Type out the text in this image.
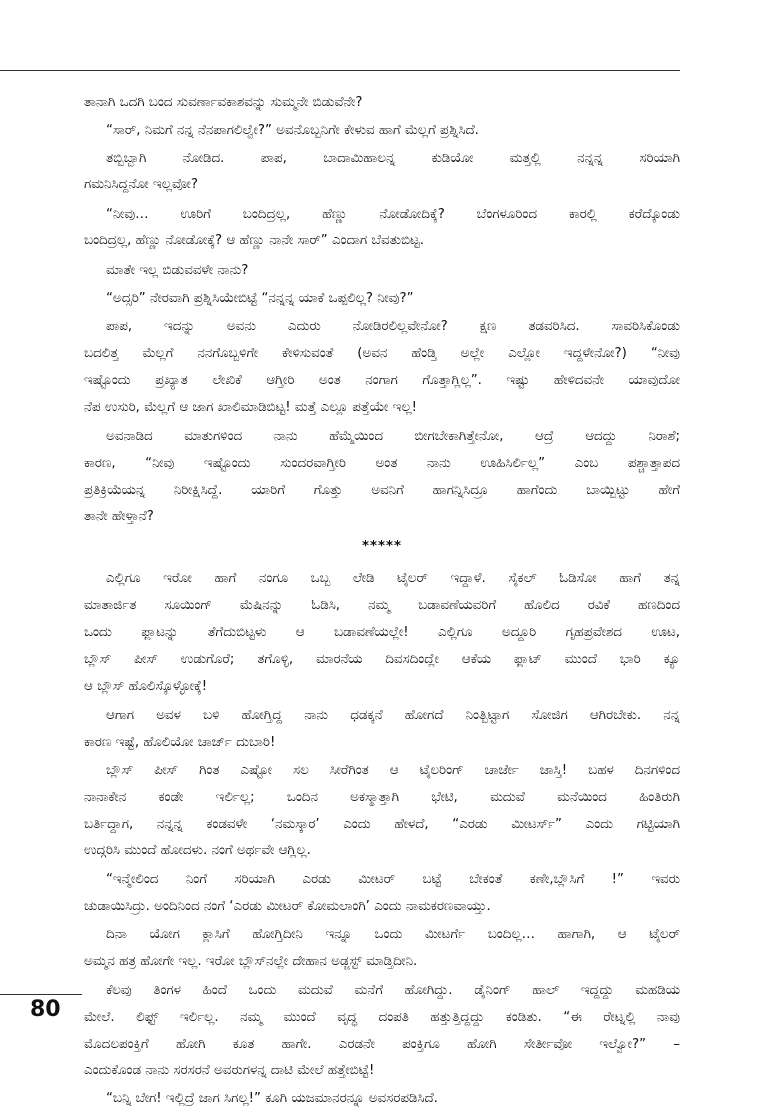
ತಾನಾಗಿ ಒದಗಿ ಬಂದ ಸುವರ್ಣಾವಕಾಶವನ್ನು ಸುಮ್ಮನೇ ಬಿಡುವೆನೇ?
“ಸಾರ್, ನಿಮಗೆ ನನ್ನ ನೆನಪಾಗಲಿಲ್ವೇ?” ಅವನೊಬ್ಬನಿಗೇ ಕೇಳುವ ಹಾಗೆ ಮೆಲ್ಲಗೆ ಪ್ರಶ್ನಿಸಿದೆ.
ತಬ್ಬಿಬ್ಬಾಗಿ ನೋಡಿದ. ಪಾಪ, ಬಾದಾಮಿಹಾಲನ್ನ ಕುಡಿಯೋ ಮತ್ತಲ್ಲಿ ನನ್ನನ್ನ ಸರಿಯಾಗಿ
ಗಮನಿಸಿದ್ದನೋ ಇಲ್ಲವೋ?
“ನೀವು… ಊರಿಗೆ ಬಂದಿದ್ರಲ್ಲ, ಹೆಣ್ಣು ನೋಡೋದಿಕ್ಕೆ? ಬೆಂಗಳೂರಿಂದ ಕಾರಲ್ಲಿ ಕರೆದ್ಕೊಂಡು
ಬಂದಿದ್ರಲ್ಲ, ಹೆಣ್ಣು ನೋಡೋಕ್ಕೆ? ಆ ಹೆಣ್ಣು ನಾನೇ ಸಾರ್” ಎಂದಾಗ ಬೆವತುಬಿಟ್ಟ.
ಮಾತೇ ಇಲ್ಲ ಬಿಡುವವಳೇ ನಾನು?
“ಅದ್ಸರಿ” ನೇರವಾಗಿ ಪ್ರಶ್ನಿಸಿಯೇಬಿಟ್ಟೆ “ನನ್ನನ್ನ ಯಾಕೆ ಒಪ್ಪಲಿಲ್ಲ? ನೀವು?”
ಪಾಪ, ಇದನ್ನು ಅವನು ಎದುರು ನೋಡಿರಲಿಲ್ಲವೇನೋ? ಕ್ಷಣ ತಡವರಿಸಿದ. ಸಾವರಿಸಿಕೊಂಡು
ಬದಲಿತ್ತ ಮೆಲ್ಲಗೆ ನನಗೊಬ್ಬಳಿಗೇ ಕೇಳಿಸುವಂತೆ (ಅವನ ಹೆಂಡ್ತಿ ಅಲ್ಲೇ ಎಲ್ಲೋ ಇದ್ದಳೇನೋ?) “ನೀವು
ಇಷ್ಟೊಂದು ಪ್ರಖ್ಯಾತ ಲೇಖಿಕೆ ಆಗ್ತೀರಿ ಅಂತ ನಂಗಾಗ ಗೊತ್ತಾಗ್ಲಿಲ್ಲ”. ಇಷ್ಟು ಹೇಳಿದವನೇ ಯಾವುದೋ
ನೆಪ ಉಸುರಿ, ಮೆಲ್ಲಗೆ ಆ ಜಾಗ ಖಾಲಿಮಾಡಿಬಿಟ್ಟ! ಮತ್ತೆ ಎಲ್ಲೂ ಪತ್ತೆಯೇ ಇಲ್ಲ!
ಅವನಾಡಿದ ಮಾತುಗಳಿಂದ ನಾನು ಹೆಮ್ಮೆಯಿಂದ ಬೀಗಬೇಕಾಗಿತ್ತೇನೋ, ಆದ್ರೆ ಆದದ್ದು ನಿರಾಶೆ;
ಕಾರಣ, “ನೀವು ಇಷ್ಟೊಂದು ಸುಂದರವಾಗ್ತೀರಿ ಅಂತ ನಾನು ಊಹಿಸಿರ್ಲಿಲ್ಲ” ಎಂಬ ಪಶ್ಚಾತ್ತಾಪದ
ಪ್ರತಿಕ್ರಿಯೆಯನ್ನ ನಿರೀಕ್ಷಿಸಿದ್ದೆ. ಯಾರಿಗೆ ಗೊತ್ತು ಅವನಿಗೆ ಹಾಗನ್ನಿಸಿದ್ರೂ ಹಾಗೆಂದು ಬಾಯ್ಬಿಟ್ಟು ಹೇಗೆ
ತಾನೇ ಹೇಳ್ತಾನೆ?
*****
ಎಲ್ಲಿಗೂ ಇರೋ ಹಾಗೆ ನಂಗೂ ಒಬ್ಬ ಲೇಡಿ ಟೈಲರ್ ಇದ್ದಾಳೆ. ಸೈಕಲ್ ಓಡಿಸೋ ಹಾಗೆ ತನ್ನ
ಮಾತಾರ್ಜಿತ ಸೂಯಿಂಗ್ ಮೆಷಿನನ್ನು ಓಡಿಸಿ, ನಮ್ಮ ಬಡಾವಣೆಯವರಿಗೆ ಹೊಲಿದ ರವಿಕೆ ಹಣದಿಂದ
ಒಂದು ಫ್ಲಾಟನ್ನು ತೆಗೆದುಬಿಟ್ಟಳು ಆ ಬಡಾವಣೆಯಲ್ಲೇ! ಎಲ್ಲಿಗೂ ಅದ್ದೂರಿ ಗೃಹಪ್ರವೇಶದ ಊಟ,
ಬ್ಲೌಸ್ ಪೀಸ್ ಉಡುಗೊರೆ; ತಗೊಳ್ಳಿ, ಮಾರನೆಯ ದಿವಸದಿಂದ್ಲೇ ಆಕೆಯ ಫ್ಲಾಟ್ ಮುಂದೆ ಭಾರಿ ಕ್ಯೂ
ಆ ಬ್ಲೌಸ್ ಹೊಲಿಸ್ಕೊಳ್ಳೋಕ್ಕೆ!
ಆಗಾಗ ಅವಳ ಬಳಿ ಹೋಗ್ತಿದ್ದ ನಾನು ಧಡಕ್ಕನೆ ಹೋಗದೆ ನಿಂತ್ಬಿಟ್ಟಾಗ ಸೋಜಿಗ ಆಗಿರಬೇಕು. ನನ್ನ
ಕಾರಣ ಇಷ್ಟೆ, ಹೊಲಿಯೋ ಚಾರ್ಜ್ ದುಬಾರಿ!
ಬ್ಲೌಸ್ ಪೀಸ್ ಗಿಂತ ಎಷ್ಟೋ ಸಲ ಸೀರೆಗಿಂತ ಆ ಟೈಲರಿಂಗ್ ಚಾರ್ಜೇ ಜಾಸ್ತಿ! ಬಹಳ ದಿನಗಳಿಂದ
ನಾನಾಕೇನ ಕಂಡೇ ಇರ್ಲಿಲ್ಲ; ಒಂದಿನ ಅಕಸ್ಮಾತ್ತಾಗಿ ಭೇಟಿ, ಮದುವೆ ಮನೆಯಿಂದ ಹಿಂತಿರುಗಿ
ಬರ್ತಿದ್ದಾಗ, ನನ್ನನ್ನ ಕಂಡವಳೇ ‘ನಮಸ್ಕಾರ’ ಎಂದು ಹೇಳದೆ, “ಎರಡು ಮೀಟರ್ಸ್” ಎಂದು ಗಟ್ಟಿಯಾಗಿ
ಉದ್ಗರಿಸಿ ಮುಂದೆ ಹೋದಳು. ನಂಗೆ ಅರ್ಥವೇ ಆಗ್ಲಿಲ್ಲ.
“ಇನ್ಮೇಲಿಂದ ನಿಂಗೆ ಸರಿಯಾಗಿ ಎರಡು ಮೀಟರ್ ಬಟ್ಟೆ ಬೇಕಂತೆ ಕಣೇ,ಬ್ಲೌಸಿಗೆ !” ಇವರು
ಚುಡಾಯಿಸಿದ್ರು. ಅಂದಿನಿಂದ ನಂಗೆ ‘ಎರಡು ಮೀಟರ್ ಕೋಮಲಾಂಗಿ’ ಎಂದು ನಾಮಕರಣವಾಯ್ತು.
ದಿನಾ ಯೋಗ ಕ್ಲಾಸಿಗೆ ಹೋಗ್ತಿದೀನಿ ಇನ್ನೂ ಒಂದು ಮೀಟರ್ಗೆ ಬಂದಿಲ್ಲ… ಹಾಗಾಗಿ, ಆ ಟೈಲರ್
ಅಮ್ಮನ ಹತ್ರ ಹೋಗೇ ಇಲ್ಲ. ಇರೋ ಬ್ಲೌಸ್‌ನಲ್ಲೇ ದೇಹಾನ ಅಡ್ಜಸ್ಟ್ ಮಾಡ್ತಿದೀನಿ.
ಕೆಲವು ತಿಂಗಳ ಹಿಂದೆ ಒಂದು ಮದುವೆ ಮನೆಗೆ ಹೋಗಿದ್ದು. ಡೈನಿಂಗ್ ಹಾಲ್ ಇದ್ದದ್ದು ಮಹಡಿಯ
ಮೇಲೆ. ಲಿಫ್ಟ್ ಇರ್ಲಿಲ್ಲ. ನಮ್ಮ ಮುಂದೆ ವೃದ್ಧ ದಂಪತಿ ಹತ್ತುತ್ತಿದ್ದದ್ದು ಕಂಡಿತು. “ಈ ರೇಟ್ನಲ್ಲಿ ನಾವು
ಮೊದಲಪಂಕ್ತಿಗೆ ಹೋಗಿ ಕೂತ ಹಾಗೇ. ಎರಡನೇ ಪಂಕ್ತಿಗೂ ಹೋಗಿ ಸೇರ್ತೀವೋ ಇಲ್ವೋ?” –
ಎಂದುಕೊಂಡ ನಾನು ಸರಸರನೆ ಅವರುಗಳನ್ನ ದಾಟಿ ಮೇಲೆ ಹತ್ತೇಬಿಟ್ಟೆ!
“ಬನ್ನಿ ಬೇಗ! ಇಲ್ಲಿದ್ರೆ ಜಾಗ ಸಿಗಲ್ಲ!” ಕೂಗಿ ಯಜಮಾನರನ್ನೂ ಅವಸರಪಡಿಸಿದೆ.
80
